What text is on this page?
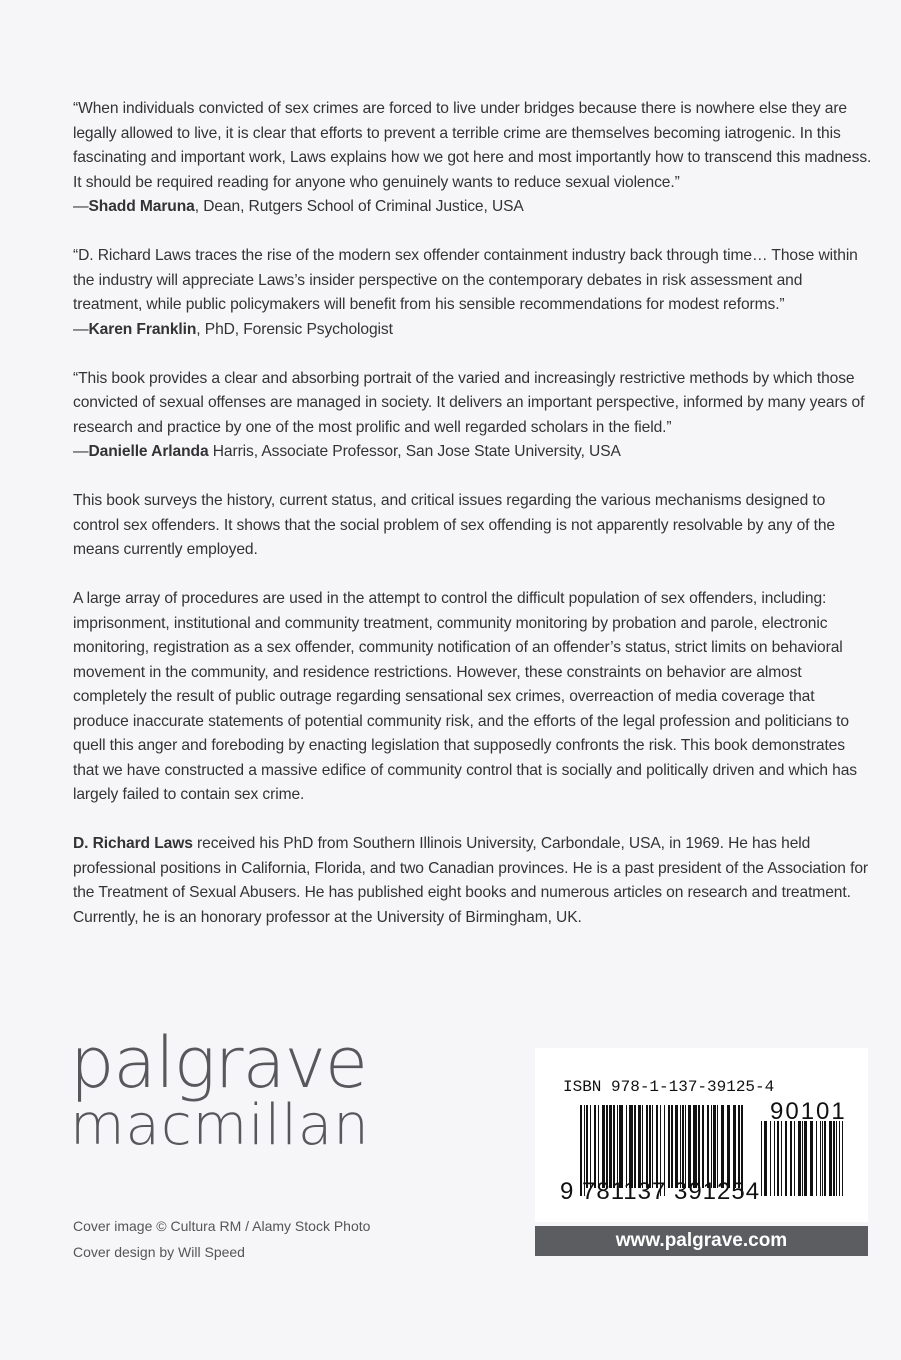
“When individuals convicted of sex crimes are forced to live under bridges because there is nowhere else they are legally allowed to live, it is clear that efforts to prevent a terrible crime are themselves becoming iatrogenic. In this fascinating and important work, Laws explains how we got here and most importantly how to transcend this madness. It should be required reading for anyone who genuinely wants to reduce sexual violence.”
—Shadd Maruna, Dean, Rutgers School of Criminal Justice, USA
“D. Richard Laws traces the rise of the modern sex offender containment industry back through time… Those within the industry will appreciate Laws’s insider perspective on the contemporary debates in risk assessment and treatment, while public policymakers will benefit from his sensible recommendations for modest reforms.”
—Karen Franklin, PhD, Forensic Psychologist
“This book provides a clear and absorbing portrait of the varied and increasingly restrictive methods by which those convicted of sexual offenses are managed in society. It delivers an important perspective, informed by many years of research and practice by one of the most prolific and well regarded scholars in the field.”
—Danielle Arlanda Harris, Associate Professor, San Jose State University, USA
This book surveys the history, current status, and critical issues regarding the various mechanisms designed to control sex offenders. It shows that the social problem of sex offending is not apparently resolvable by any of the means currently employed.
A large array of procedures are used in the attempt to control the difficult population of sex offenders, including: imprisonment, institutional and community treatment, community monitoring by probation and parole, electronic monitoring, registration as a sex offender, community notification of an offender’s status, strict limits on behavioral movement in the community, and residence restrictions. However, these constraints on behavior are almost completely the result of public outrage regarding sensational sex crimes, overreaction of media coverage that produce inaccurate statements of potential community risk, and the efforts of the legal profession and politicians to quell this anger and foreboding by enacting legislation that supposedly confronts the risk. This book demonstrates that we have constructed a massive edifice of community control that is socially and politically driven and which has largely failed to contain sex crime.
D. Richard Laws received his PhD from Southern Illinois University, Carbondale, USA, in 1969. He has held professional positions in California, Florida, and two Canadian provinces. He is a past president of the Association for the Treatment of Sexual Abusers. He has published eight books and numerous articles on research and treatment. Currently, he is an honorary professor at the University of Birmingham, UK.
palgrave
macmillan
Cover image © Cultura RM / Alamy Stock Photo
Cover design by Will Speed
ISBN 978-1-137-39125-4
9 781137 391254
90101
www.palgrave.com
